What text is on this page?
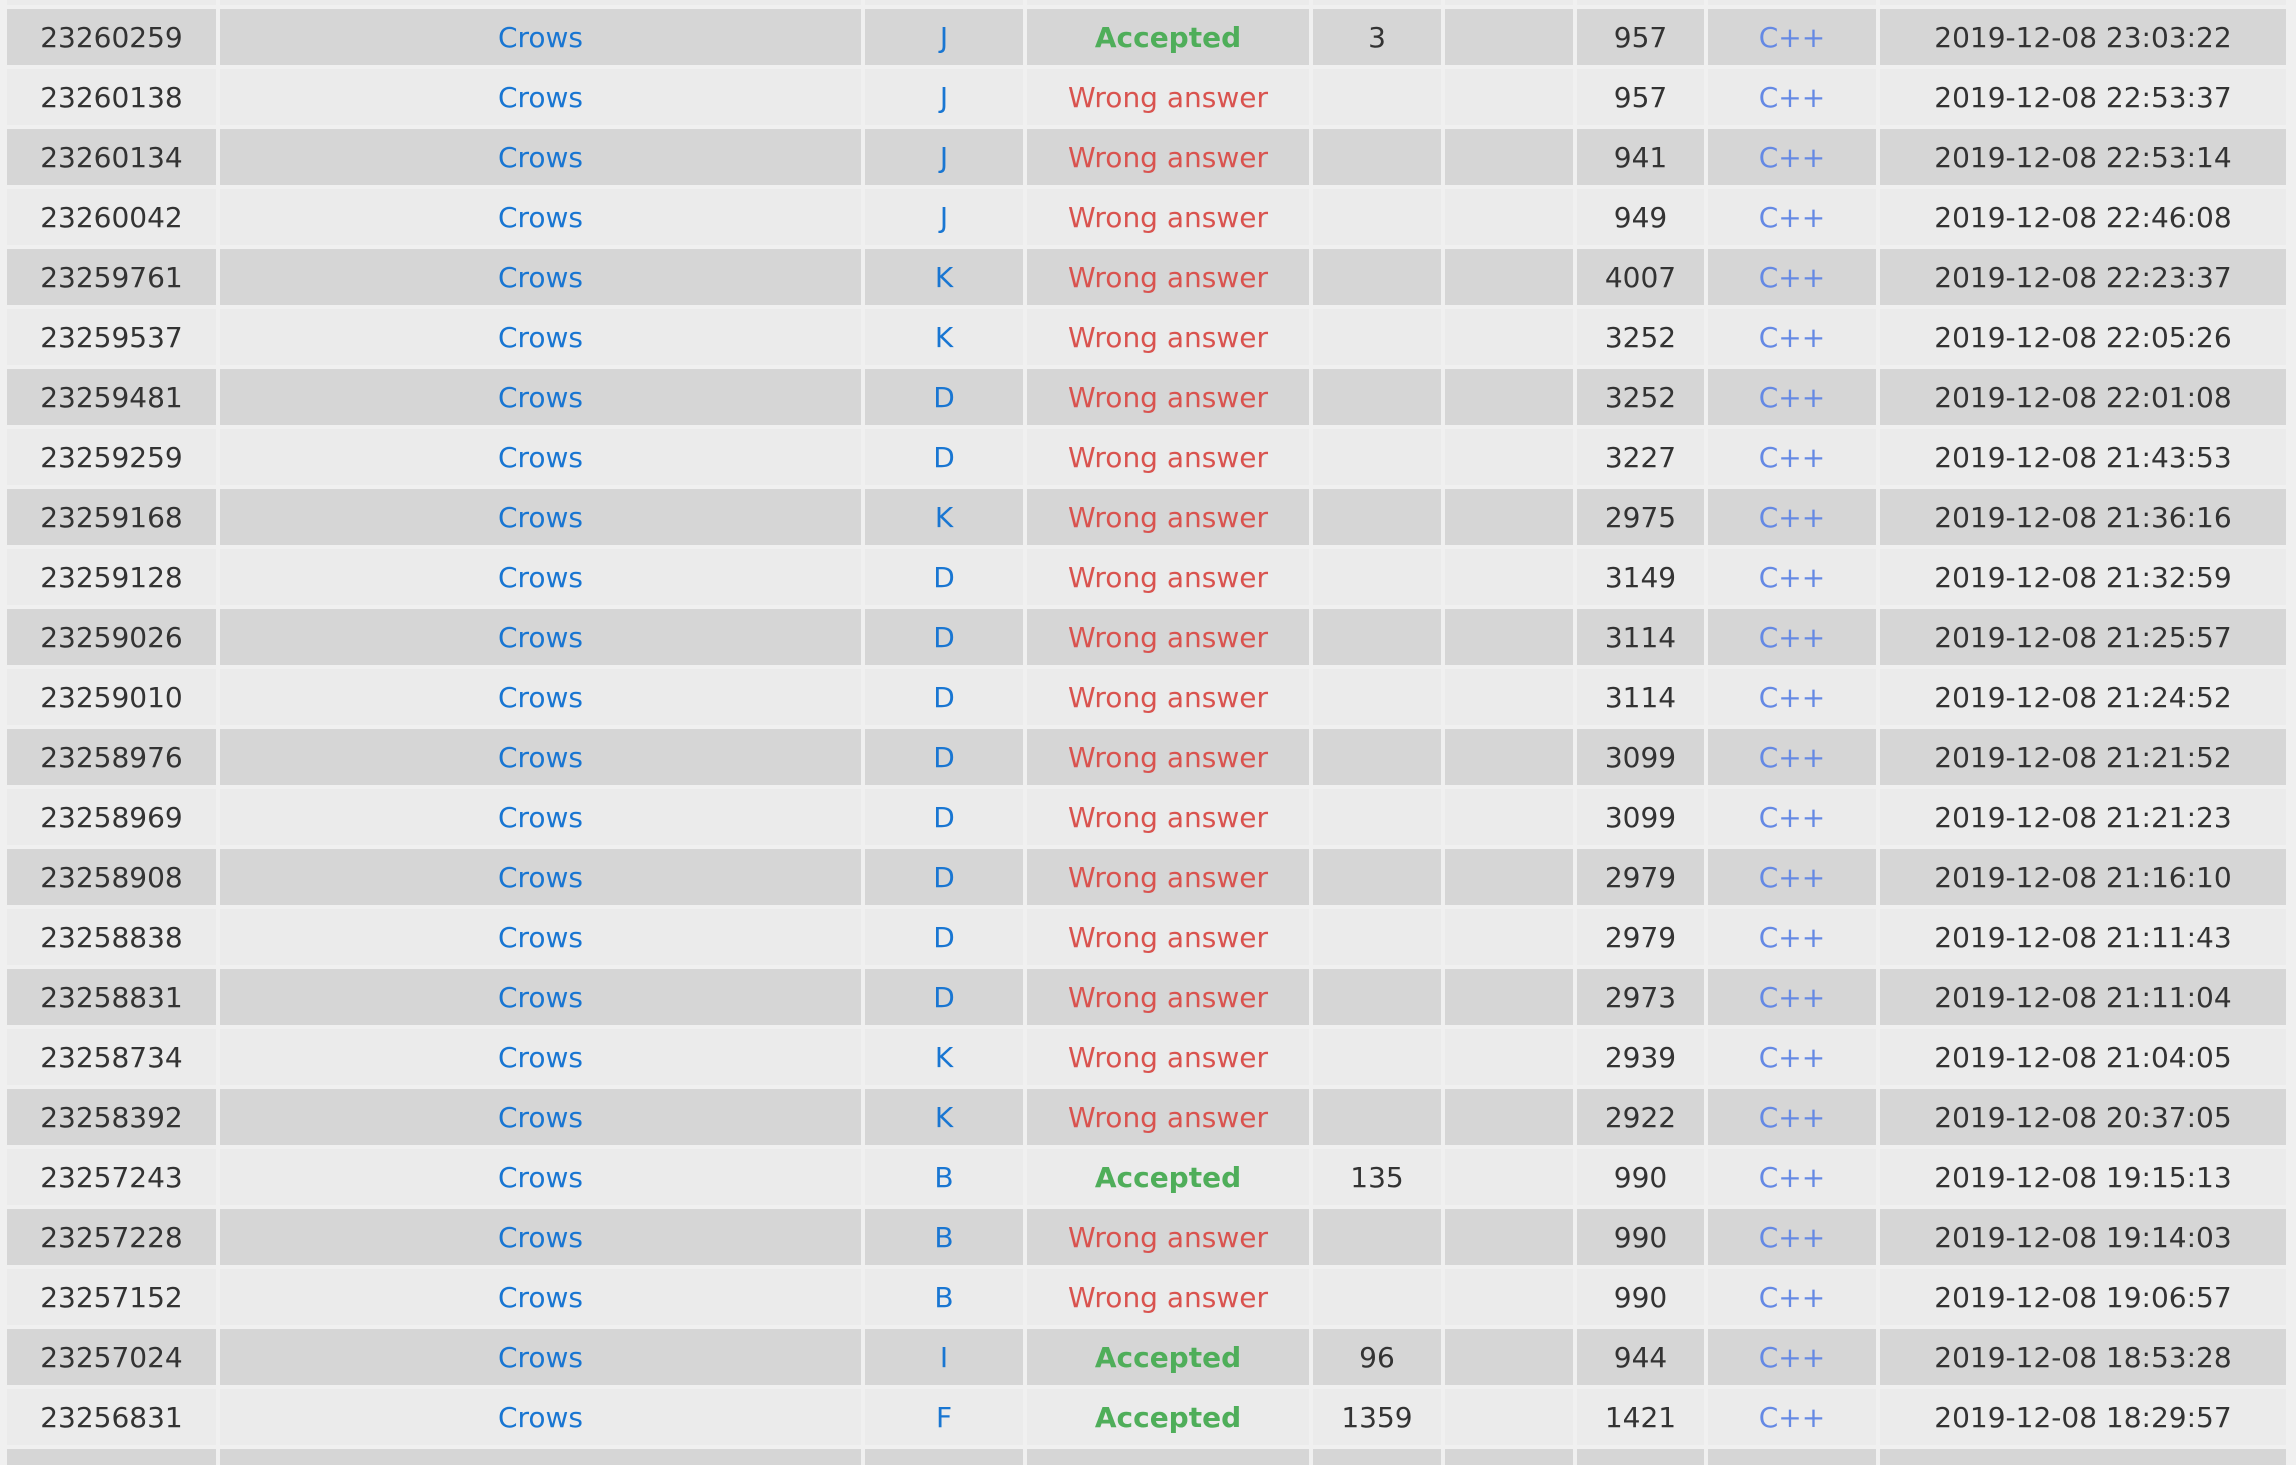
23260259	Crows	J	Accepted	3		957	C++	2019-12-08 23:03:22
23260138	Crows	J	Wrong answer			957	C++	2019-12-08 22:53:37
23260134	Crows	J	Wrong answer			941	C++	2019-12-08 22:53:14
23260042	Crows	J	Wrong answer			949	C++	2019-12-08 22:46:08
23259761	Crows	K	Wrong answer			4007	C++	2019-12-08 22:23:37
23259537	Crows	K	Wrong answer			3252	C++	2019-12-08 22:05:26
23259481	Crows	D	Wrong answer			3252	C++	2019-12-08 22:01:08
23259259	Crows	D	Wrong answer			3227	C++	2019-12-08 21:43:53
23259168	Crows	K	Wrong answer			2975	C++	2019-12-08 21:36:16
23259128	Crows	D	Wrong answer			3149	C++	2019-12-08 21:32:59
23259026	Crows	D	Wrong answer			3114	C++	2019-12-08 21:25:57
23259010	Crows	D	Wrong answer			3114	C++	2019-12-08 21:24:52
23258976	Crows	D	Wrong answer			3099	C++	2019-12-08 21:21:52
23258969	Crows	D	Wrong answer			3099	C++	2019-12-08 21:21:23
23258908	Crows	D	Wrong answer			2979	C++	2019-12-08 21:16:10
23258838	Crows	D	Wrong answer			2979	C++	2019-12-08 21:11:43
23258831	Crows	D	Wrong answer			2973	C++	2019-12-08 21:11:04
23258734	Crows	K	Wrong answer			2939	C++	2019-12-08 21:04:05
23258392	Crows	K	Wrong answer			2922	C++	2019-12-08 20:37:05
23257243	Crows	B	Accepted	135		990	C++	2019-12-08 19:15:13
23257228	Crows	B	Wrong answer			990	C++	2019-12-08 19:14:03
23257152	Crows	B	Wrong answer			990	C++	2019-12-08 19:06:57
23257024	Crows	I	Accepted	96		944	C++	2019-12-08 18:53:28
23256831	Crows	F	Accepted	1359		1421	C++	2019-12-08 18:29:57
